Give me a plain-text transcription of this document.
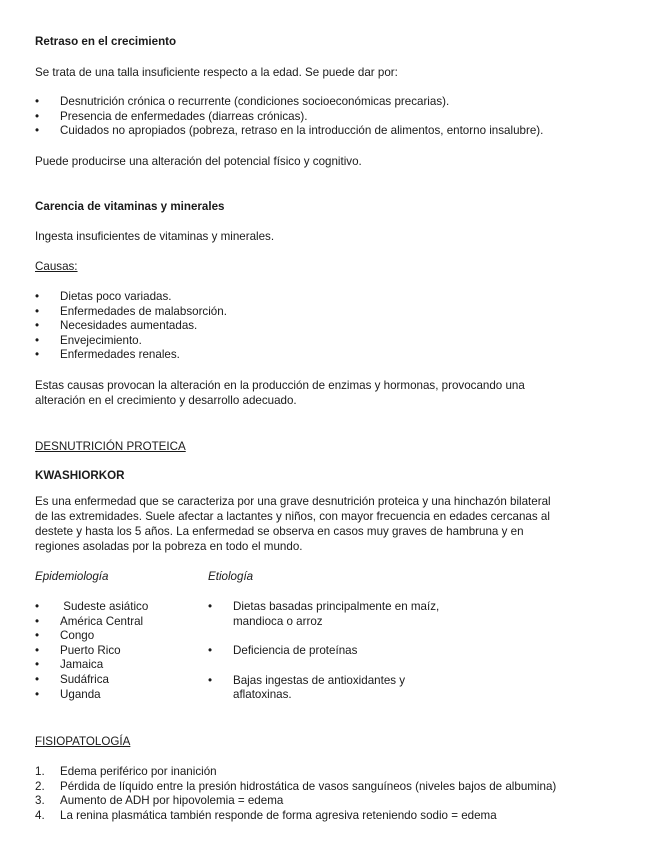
Retraso en el crecimiento
Se trata de una talla insuficiente respecto a la edad. Se puede dar por:
• Desnutrición crónica o recurrente (condiciones socioeconómicas precarias).
• Presencia de enfermedades (diarreas crónicas).
• Cuidados no apropiados (pobreza, retraso en la introducción de alimentos, entorno insalubre).
Puede producirse una alteración del potencial físico y cognitivo.
Carencia de vitaminas y minerales
Ingesta insuficientes de vitaminas y minerales.
Causas:
• Dietas poco variadas.
• Enfermedades de malabsorción.
• Necesidades aumentadas.
• Envejecimiento.
• Enfermedades renales.
Estas causas provocan la alteración en la producción de enzimas y hormonas, provocando una
alteración en el crecimiento y desarrollo adecuado.
DESNUTRICIÓN PROTEICA
KWASHIORKOR
Es una enfermedad que se caracteriza por una grave desnutrición proteica y una hinchazón bilateral
de las extremidades. Suele afectar a lactantes y niños, con mayor frecuencia en edades cercanas al
destete y hasta los 5 años. La enfermedad se observa en casos muy graves de hambruna y en
regiones asoladas por la pobreza en todo el mundo.
Epidemiología	Etiología
•  Sudeste asiático
• América Central
• Congo
• Puerto Rico
• Jamaica
• Sudáfrica
• Uganda
• Dietas basadas principalmente en maíz,
mandioca o arroz
• Deficiencia de proteínas
• Bajas ingestas de antioxidantes y
aflatoxinas.
FISIOPATOLOGÍA
1. Edema periférico por inanición
2. Pérdida de líquido entre la presión hidrostática de vasos sanguíneos (niveles bajos de albumina)
3. Aumento de ADH por hipovolemia = edema
4. La renina plasmática también responde de forma agresiva reteniendo sodio = edema
